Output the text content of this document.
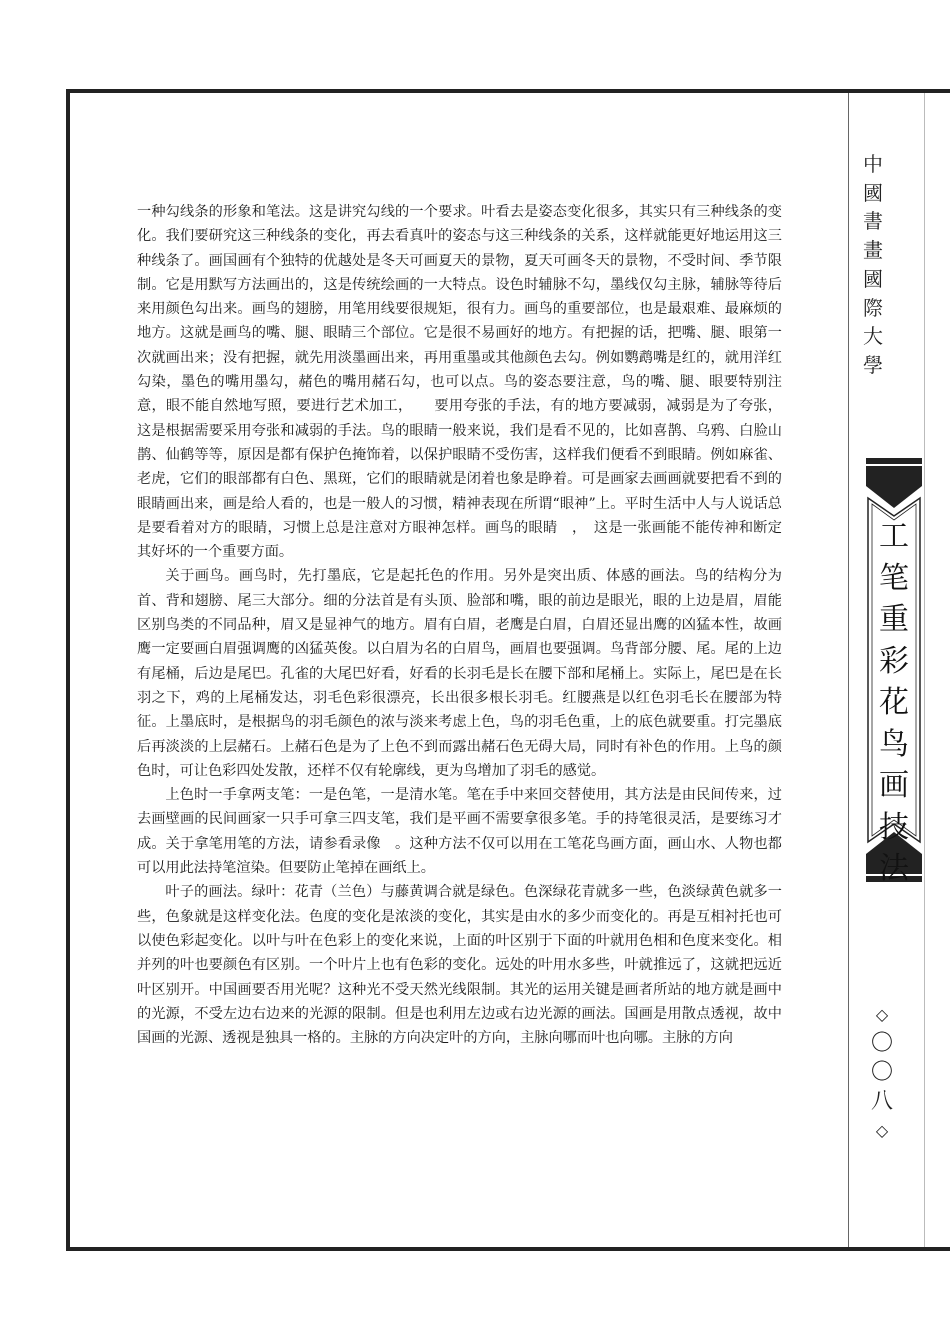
一种勾线条的形象和笔法。这是讲究勾线的一个要求。叶看去是姿态变化很多，其实只有三种线条的变化。我们要研究这三种线条的变化，再去看真叶的姿态与这三种线条的关系，这样就能更好地运用这三种线条了。画国画有个独特的优越处是冬天可画夏天的景物，夏天可画冬天的景物，不受时间、季节限制。它是用默写方法画出的，这是传统绘画的一大特点。设色时辅脉不勾，墨线仅勾主脉，辅脉等待后来用颜色勾出来。画鸟的翅膀，用笔用线要很规矩，很有力。画鸟的重要部位，也是最艰难、最麻烦的地方。这就是画鸟的嘴、腿、眼睛三个部位。它是很不易画好的地方。有把握的话，把嘴、腿、眼第一次就画出来；没有把握，就先用淡墨画出来，再用重墨或其他颜色去勾。例如鹦鹉嘴是红的，就用洋红勾染，墨色的嘴用墨勾，赭色的嘴用赭石勾，也可以点。鸟的姿态要注意，鸟的嘴、腿、眼要特别注意，眼不能自然地写照，要进行艺术加工，　　要用夸张的手法，有的地方要减弱，减弱是为了夸张，这是根据需要采用夸张和减弱的手法。鸟的眼睛一般来说，我们是看不见的，比如喜鹊、乌鸦、白脸山鹊、仙鹤等等，原因是都有保护色掩饰着，以保护眼睛不受伤害，这样我们便看不到眼睛。例如麻雀、老虎，它们的眼部都有白色、黑斑，它们的眼睛就是闭着也象是睁着。可是画家去画画就要把看不到的眼睛画出来，画是给人看的，也是一般人的习惯，精神表现在所谓“眼神”上。平时生活中人与人说话总是要看着对方的眼睛，习惯上总是注意对方眼神怎样。画鸟的眼睛　，　这是一张画能不能传神和断定其好坏的一个重要方面。

关于画鸟。画鸟时，先打墨底，它是起托色的作用。另外是突出质、体感的画法。鸟的结构分为首、背和翅膀、尾三大部分。细的分法首是有头顶、脸部和嘴，眼的前边是眼光，眼的上边是眉，眉能区别鸟类的不同品种，眉又是显神气的地方。眉有白眉，老鹰是白眉，白眉还显出鹰的凶猛本性，故画鹰一定要画白眉强调鹰的凶猛英俊。以白眉为名的白眉鸟，画眉也要强调。鸟背部分腰、尾。尾的上边有尾桶，后边是尾巴。孔雀的大尾巴好看，好看的长羽毛是长在腰下部和尾桶上。实际上，尾巴是在长羽之下，鸡的上尾桶发达，羽毛色彩很漂亮，长出很多根长羽毛。红腰燕是以红色羽毛长在腰部为特征。上墨底时，是根据鸟的羽毛颜色的浓与淡来考虑上色，鸟的羽毛色重，上的底色就要重。打完墨底后再淡淡的上层赭石。上赭石色是为了上色不到而露出赭石色无碍大局，同时有补色的作用。上鸟的颜色时，可让色彩四处发散，还样不仅有轮廓线，更为鸟增加了羽毛的感觉。

上色时一手拿两支笔：一是色笔，一是清水笔。笔在手中来回交替使用，其方法是由民间传来，过去画壁画的民间画家一只手可拿三四支笔，我们是平画不需要拿很多笔。手的持笔很灵活，是要练习才成。关于拿笔用笔的方法，请参看录像　。这种方法不仅可以用在工笔花鸟画方面，画山水、人物也都可以用此法持笔渲染。但要防止笔掉在画纸上。

叶子的画法。绿叶：花青（兰色）与藤黄调合就是绿色。色深绿花青就多一些，色淡绿黄色就多一些，色象就是这样变化法。色度的变化是浓淡的变化，其实是由水的多少而变化的。再是互相衬托也可以使色彩起变化。以叶与叶在色彩上的变化来说，上面的叶区别于下面的叶就用色相和色度来变化。相并列的叶也要颜色有区别。一个叶片上也有色彩的变化。远处的叶用水多些，叶就推远了，这就把远近叶区别开。中国画要否用光呢？这种光不受天然光线限制。其光的运用关键是画者所站的地方就是画中的光源，不受左边右边来的光源的限制。但是也利用左边或右边光源的画法。国画是用散点透视，故中国画的光源、透视是独具一格的。主脉的方向决定叶的方向，主脉向哪而叶也向哪。主脉的方向

中
國
書
畫
國
際
大
學
工
笔
重
彩
花
鸟
画
技
法
◇
〇
〇
八
◇
